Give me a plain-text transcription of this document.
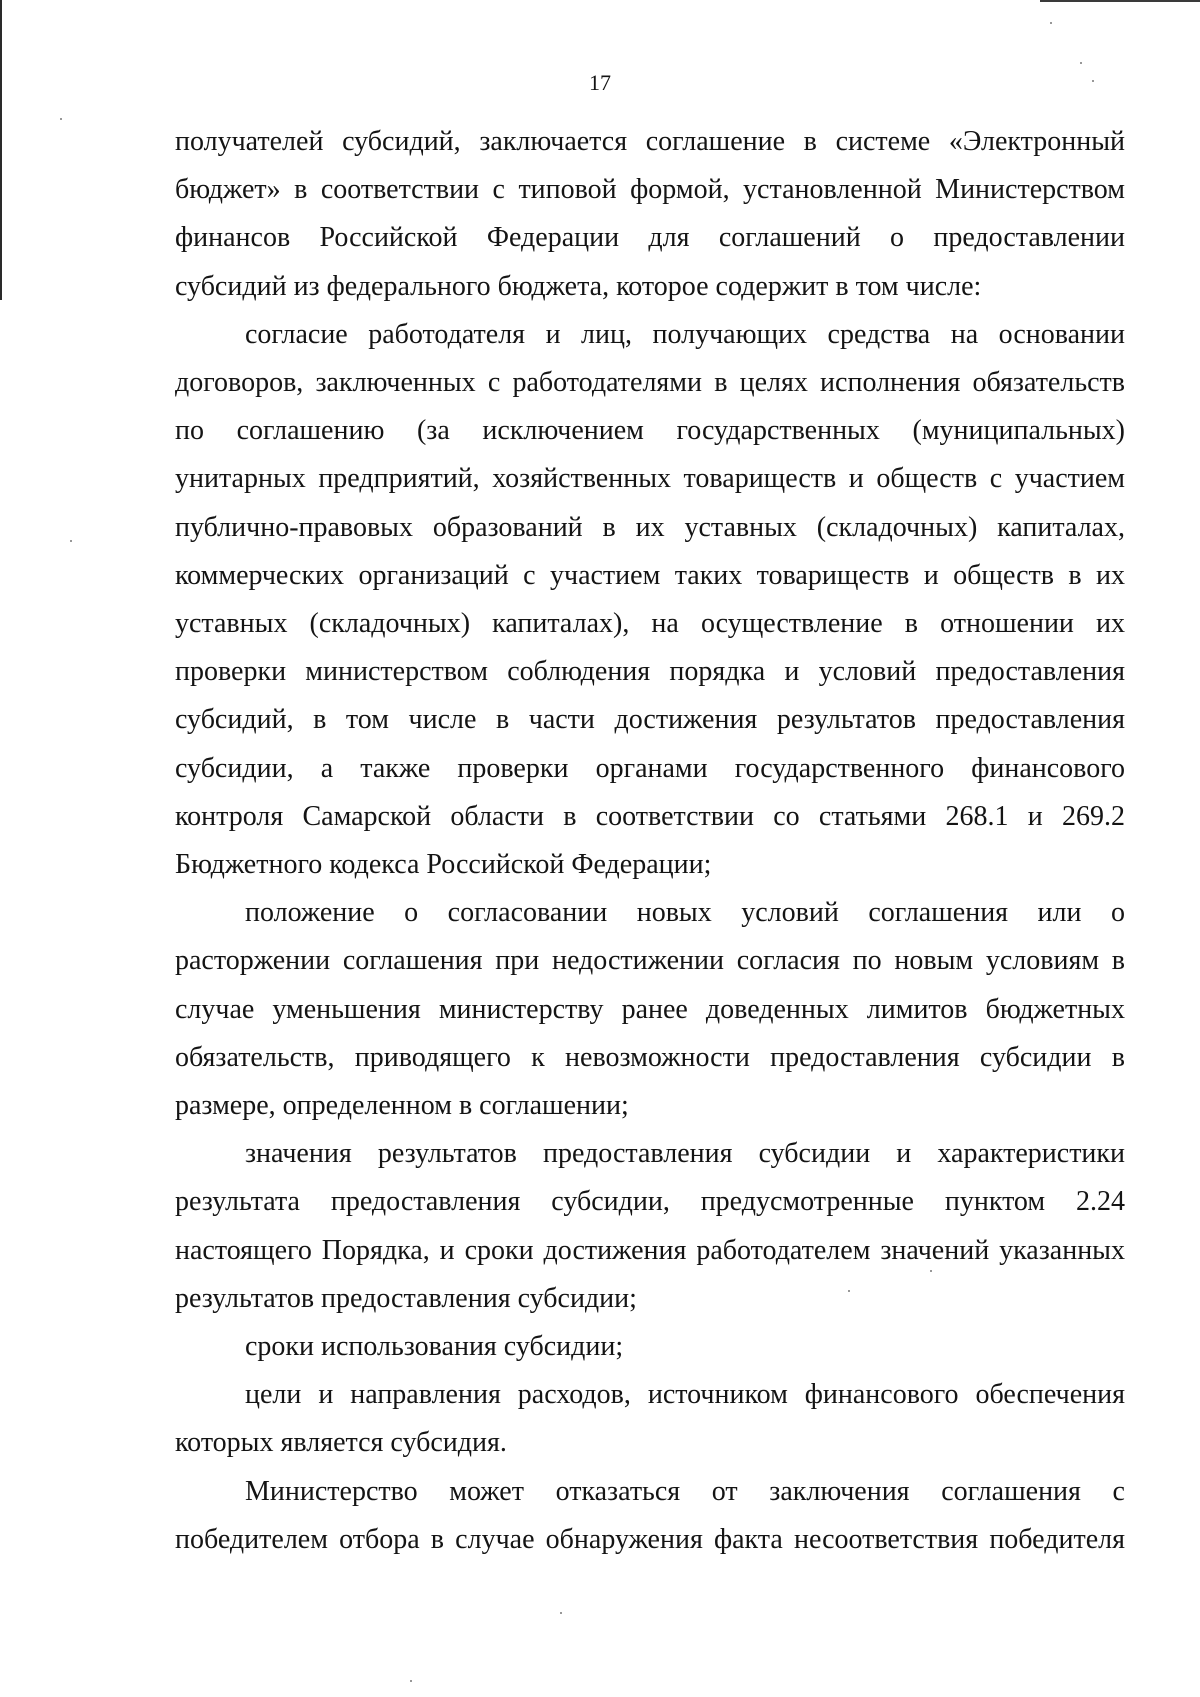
17
получателей субсидий, заключается соглашение в системе «Электронный
бюджет» в соответствии с типовой формой, установленной Министерством
финансов Российской Федерации для соглашений о предоставлении
субсидий из федерального бюджета, которое содержит в том числе:
согласие работодателя и лиц, получающих средства на основании
договоров, заключенных с работодателями в целях исполнения обязательств
по соглашению (за исключением государственных (муниципальных)
унитарных предприятий, хозяйственных товариществ и обществ с участием
публично-правовых образований в их уставных (складочных) капиталах,
коммерческих организаций с участием таких товариществ и обществ в их
уставных (складочных) капиталах), на осуществление в отношении их
проверки министерством соблюдения порядка и условий предоставления
субсидий, в том числе в части достижения результатов предоставления
субсидии, а также проверки органами государственного финансового
контроля Самарской области в соответствии со статьями 268.1 и 269.2
Бюджетного кодекса Российской Федерации;
положение о согласовании новых условий соглашения или о
расторжении соглашения при недостижении согласия по новым условиям в
случае уменьшения министерству ранее доведенных лимитов бюджетных
обязательств, приводящего к невозможности предоставления субсидии в
размере, определенном в соглашении;
значения результатов предоставления субсидии и характеристики
результата предоставления субсидии, предусмотренные пунктом 2.24
настоящего Порядка, и сроки достижения работодателем значений указанных
результатов предоставления субсидии;
сроки использования субсидии;
цели и направления расходов, источником финансового обеспечения
которых является субсидия.
Министерство может отказаться от заключения соглашения с
победителем отбора в случае обнаружения факта несоответствия победителя
